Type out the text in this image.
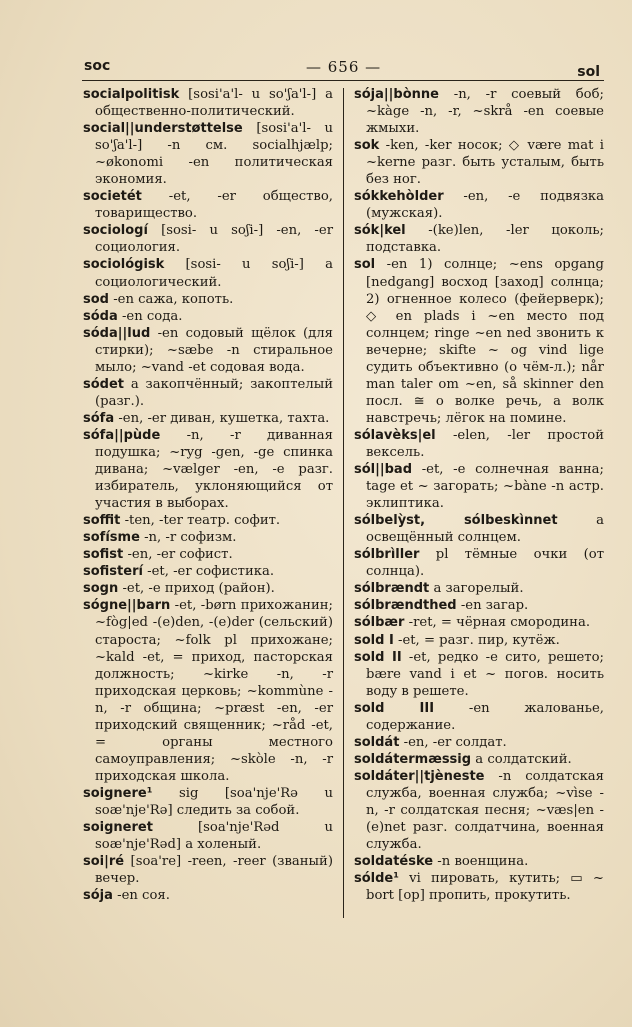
soc	— 656 —	sol

socialpolitisk [sosi'a'l- u so'ʃa'l-] a общественно-политический.

social||understøttelse [sosi'a'l- u so'ʃa'l-] -n см. socialhjælp; ~økonomi -en политическая экономия.

societét -et, -er общество, товарищество.

sociologí [sosi- u soʃi-] -en, -er социология.

sociológisk [sosi- u soʃi-] a социологический.

sod -en сажа, копоть.

sóda -en сода.

sóda||lud -en содовый щёлок (для стирки); ~sæbe -n стиральное мыло; ~vand -et содовая вода.

sódet a закопчённый; закоптелый (разг.).

sófa -en, -er диван, кушетка, тахта.

sófa||pùde -n, -r диванная подушка; ~ryg -gen, -ge спинка дивана; ~vælger -en, -e разг. избиратель, уклоняющийся от участия в выборах.

soffit -ten, -ter театр. софит.

sofísme -n, -r софизм.

sofist -en, -er софист.

sofisterí -et, -er софистика.

sogn -et, -e приход (район).

sógne||barn -et, -børn прихожанин; ~fòg|ed -(e)den, -(e)der (сельский) староста; ~folk pl прихожане; ~kald -et, = приход, пасторская должность; ~kirke -n, -r приходская церковь; ~kommùne -n, -r община; ~præst -en, -er приходский священник; ~råd -et, = органы местного самоуправления; ~skòle -n, -r приходская школа.

soignere¹ sig [soa'nje'Rə u soæ'nje'Rə] следить за собой.

soigneret	[soa'nje'Rəd u soæ'nje'Rəd] a холеный.

soi|ré [soa're] -reen, -reer (званый) вечер.

sója -en соя.

sója||bònne -n, -r соевый боб; ~kàge -n, -r, ~skrå -en соевые жмыхи.

sok -ken, -ker носок; ◇ være mat i ~kerne разг. быть усталым, быть без ног.

sókkehòlder -en, -e подвязка (мужская).

sók|kel -(ke)len, -ler цоколь; подставка.

sol -en 1) солнце; ~ens opgang [nedgang] восход [заход] солнца; 2) огненное колесо (фейерверк); ◇ en plads i ~en место под солнцем; ringe ~en ned звонить к вечерне; skifte ~ og vind lige судить объективно (о чём-л.); når man taler om ~en, så skinner den посл. ≅ о волке речь, а волк навстречь; лёгок на помине.

sólavèks|el -elen, -ler простой вексель.

sól||bad -et, -e солнечная ванна; tage et ~ загорать; ~bàne -n астр. эклиптика.

sólbelỳst, sólbeskìnnet	a освещённый солнцем.

sólbrìller pl тёмные очки (от солнца).

sólbrændt a загорелый.

sólbrændthed -en загар.

sólbær -ret, = чёрная смородина.

sold I -et, = разг. пир, кутёж.

sold II -et, редко -e сито, решето; bære vand i et ~ погов. носить воду в решете.

sold III	-en жалованье, содержание.

soldát -en, -er солдат.

soldátermæssig a солдатский.

soldáter||tjèneste -n солдатская служба, военная служба; ~vìse -n, -r солдатская песня; ~væs|en -(e)net разг. солдатчина, военная служба.

soldatéske -n военщина.

sólde¹ vi пировать, кутить; ▭ ~ bort [op] пропить, прокутить.
